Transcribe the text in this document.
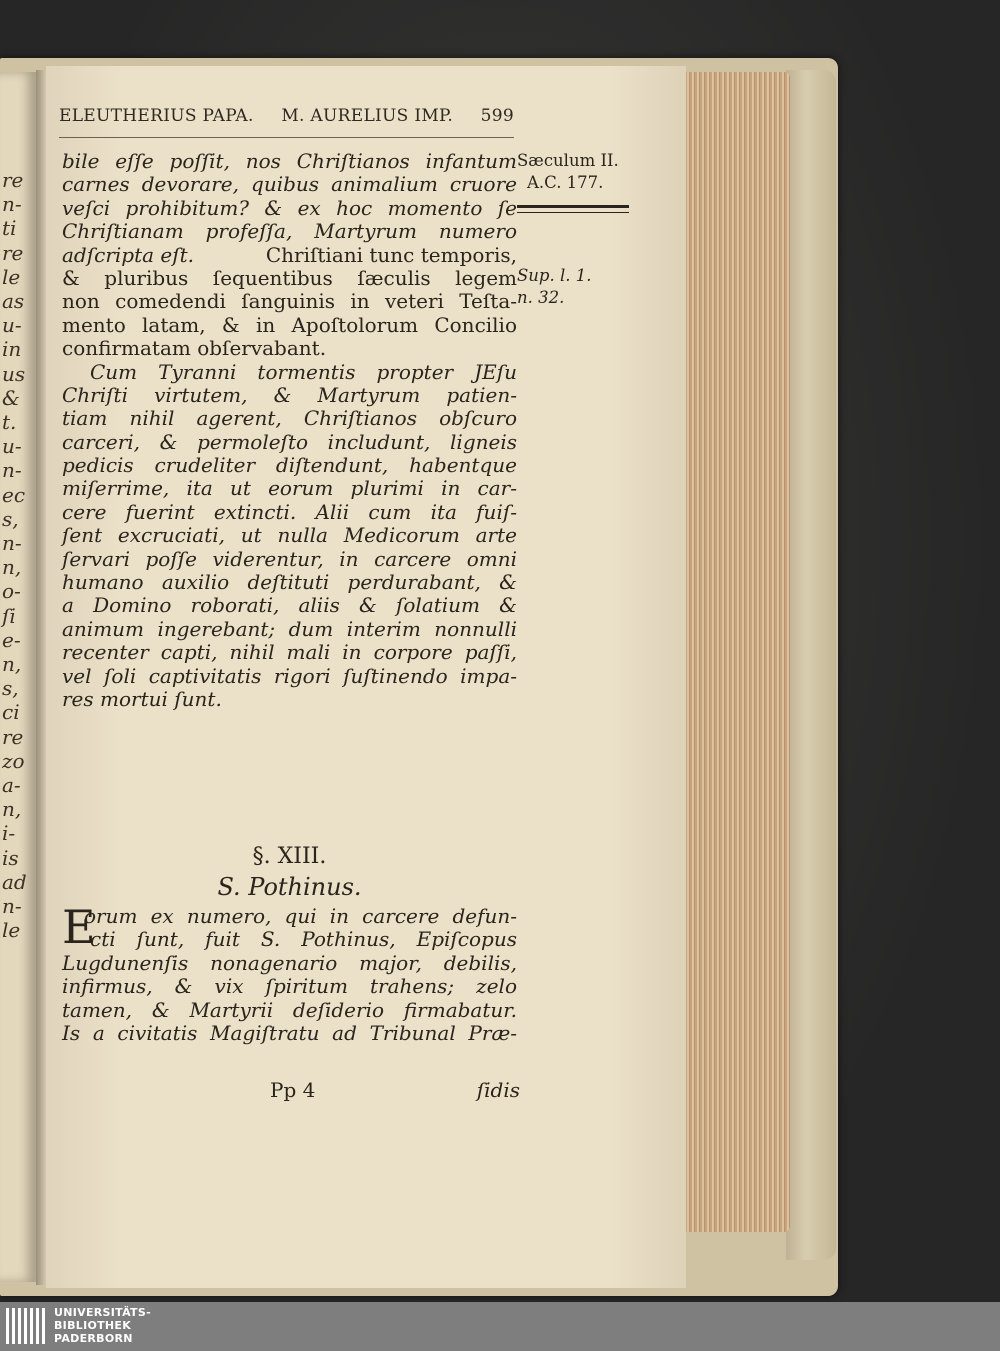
re
n-
ti
re
le
as
u-
in
us
&
t.
u-
n-
ec
s,
n-
n,
o-
ſi
e-
n,
s,
ci
re
zo
a-
n,
i-
is
ad
n-
le
ELEUTHERIUS PAPA. M. AURELIUS IMP. 599
Sæculum II.
A.C. 177.
Sup. l. 1.
n. 32.
bile eſſe poſſit, nos Chriſtianos infantum
carnes devorare, quibus animalium cruore
veſci prohibitum? & ex hoc momento ſe
Chriſtianam profeſſa, Martyrum numero
adſcripta eſt.	Chriſtiani tunc temporis,
& pluribus ſequentibus ſæculis legem
non comedendi ſanguinis in veteri Teſta-
mento latam, & in Apoſtolorum Concilio
confirmatam obſervabant.
Cum Tyranni tormentis propter JEſu
Chriſti virtutem, & Martyrum patien-
tiam nihil agerent, Chriſtianos obſcuro
carceri, & permoleſto includunt, ligneis
pedicis crudeliter diſtendunt, habentque
miſerrime, ita ut eorum plurimi in car-
cere fuerint extincti. Alii cum ita fuiſ-
ſent excruciati, ut nulla Medicorum arte
ſervari poſſe viderentur, in carcere omni
humano auxilio deſtituti perdurabant, &
a Domino roborati, aliis & ſolatium &
animum ingerebant; dum interim nonnulli
recenter capti, nihil mali in corpore paſſi,
vel ſoli captivitatis rigori ſuſtinendo impa-
res mortui ſunt.
§. XIII.
S. Pothinus.
E
orum ex numero, qui in carcere defun-
cti ſunt, fuit S. Pothinus, Epiſcopus
Lugdunenſis nonagenario major, debilis,
infirmus, & vix ſpiritum trahens; zelo
tamen, & Martyrii deſiderio firmabatur.
Is a civitatis Magiſtratu ad Tribunal Præ-
Pp 4	ſidis
UNIVERSITÄTS-
BIBLIOTHEK
PADERBORN
